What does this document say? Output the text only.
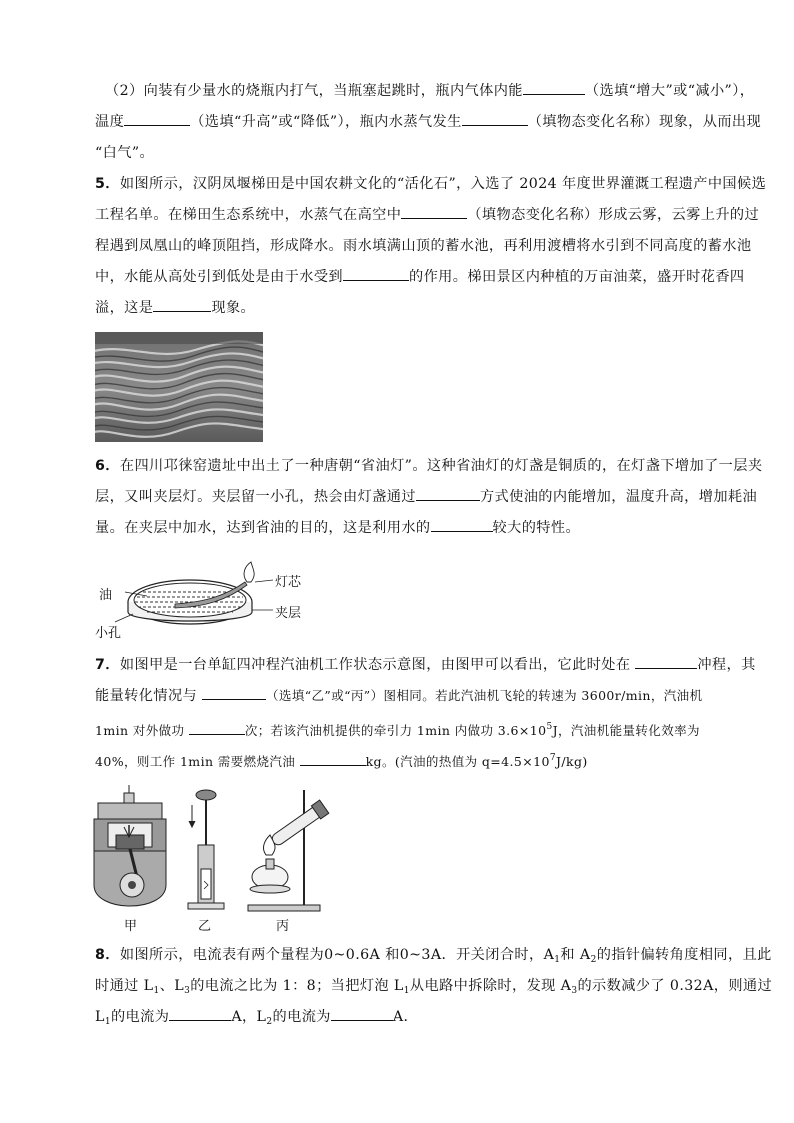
（2）向装有少量水的烧瓶内打气，当瓶塞起跳时，瓶内气体内能	（选填“增大”或“减小”），
温度	（选填“升高”或“降低”），瓶内水蒸气发生	（填物态变化名称）现象，从而出现
“白气”。
5．如图所示，汉阴凤堰梯田是中国农耕文化的“活化石”，入选了 2024 年度世界灌溉工程遗产中国候选
工程名单。在梯田生态系统中，水蒸气在高空中	（填物态变化名称）形成云雾，云雾上升的过
程遇到凤凰山的峰顶阻挡，形成降水。雨水填满山顶的蓄水池，再利用渡槽将水引到不同高度的蓄水池
中，水能从高处引到低处是由于水受到	的作用。梯田景区内种植的万亩油菜，盛开时花香四
溢，这是	现象。
6．在四川邛徕窑遗址中出土了一种唐朝“省油灯”。这种省油灯的灯盏是铜质的，在灯盏下增加了一层夹
层，又叫夹层灯。夹层留一小孔，热会由灯盏通过	方式使油的内能增加，温度升高，增加耗油
量。在夹层中加水，达到省油的目的，这是利用水的	较大的特性。
油
灯芯
夹层
小孔
7．如图甲是一台单缸四冲程汽油机工作状态示意图，由图甲可以看出，它此时处在	冲程，其
能量转化情况与	（选填“乙”或“丙”）图相同。若此汽油机飞轮的转速为 3600r/min，汽油机
1min 对外做功	次；若该汽油机提供的牵引力 1min 内做功 $3.6\times 10^5J$，汽油机能量转化效率为
40%，则工作 1min 需要燃烧汽油	kg。(汽油的热值为 $q=4.5\times 10^7J/kg$)
甲	乙	丙
8．如图所示，电流表有两个量程为0~0.6A 和0~3A．开关闭合时，$A_1$和 $A_2$的指针偏转角度相同，且此
时通过 $L_1$、$L_3$的电流之比为 1：8；当把灯泡 $L_1$从电路中拆除时，发现 $A_3$的示数减少了 0.32A，则通过
$L_1$的电流为	A，$L_2$的电流为	A．
